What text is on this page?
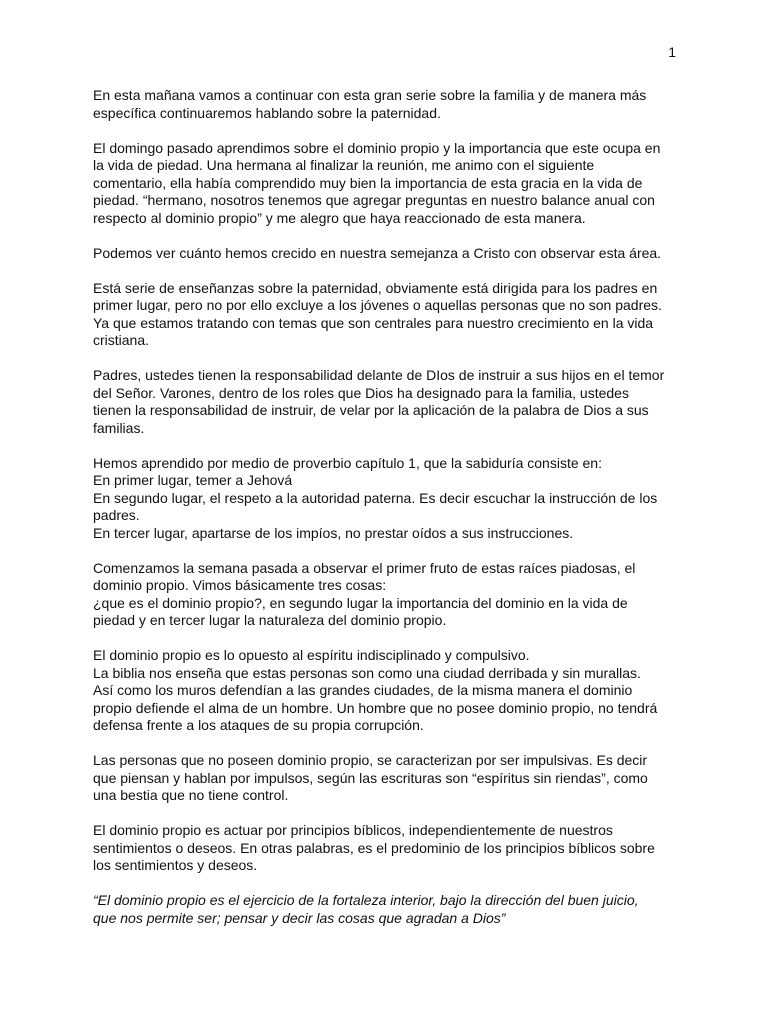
1

En esta mañana vamos a continuar con esta gran serie sobre la familia y de manera más
específica continuaremos hablando sobre la paternidad.

El domingo pasado aprendimos sobre el dominio propio y la importancia que este ocupa en
la vida de piedad. Una hermana al finalizar la reunión, me animo con el siguiente
comentario, ella había comprendido muy bien la importancia de esta gracia en la vida de
piedad. “hermano, nosotros tenemos que agregar preguntas en nuestro balance anual con
respecto al dominio propio” y me alegro que haya reaccionado de esta manera.

Podemos ver cuánto hemos crecido en nuestra semejanza a Cristo con observar esta área.

Está serie de enseñanzas sobre la paternidad, obviamente está dirigida para los padres en
primer lugar, pero no por ello excluye a los jóvenes o aquellas personas que no son padres.
Ya que estamos tratando con temas que son centrales para nuestro crecimiento en la vida
cristiana.

Padres, ustedes tienen la responsabilidad delante de DIos de instruir a sus hijos en el temor
del Señor. Varones, dentro de los roles que Dios ha designado para la familia, ustedes
tienen la responsabilidad de instruir, de velar por la aplicación de la palabra de Dios a sus
familias.

Hemos aprendido por medio de proverbio capítulo 1, que la sabiduría consiste en:
En primer lugar, temer a Jehová
En segundo lugar, el respeto a la autoridad paterna. Es decir escuchar la instrucción de los
padres.
En tercer lugar, apartarse de los impíos, no prestar oídos a sus instrucciones.

Comenzamos la semana pasada a observar el primer fruto de estas raíces piadosas, el
dominio propio. Vimos básicamente tres cosas:
¿que es el dominio propio?, en segundo lugar la importancia del dominio en la vida de
piedad y en tercer lugar la naturaleza del dominio propio.

El dominio propio es lo opuesto al espíritu indisciplinado y compulsivo.
La biblia nos enseña que estas personas son como una ciudad derribada y sin murallas.
Así como los muros defendían a las grandes ciudades, de la misma manera el dominio
propio defiende el alma de un hombre. Un hombre que no posee dominio propio, no tendrá
defensa frente a los ataques de su propia corrupción.

Las personas que no poseen dominio propio, se caracterizan por ser impulsivas. Es decir
que piensan y hablan por impulsos, según las escrituras son “espíritus sin riendas”, como
una bestia que no tiene control.

El dominio propio es actuar por principios bíblicos, independientemente de nuestros
sentimientos o deseos. En otras palabras, es el predominio de los principios bíblicos sobre
los sentimientos y deseos.

“El dominio propio es el ejercicio de la fortaleza interior, bajo la dirección del buen juicio,
que nos permite ser; pensar y decir las cosas que agradan a Dios”
